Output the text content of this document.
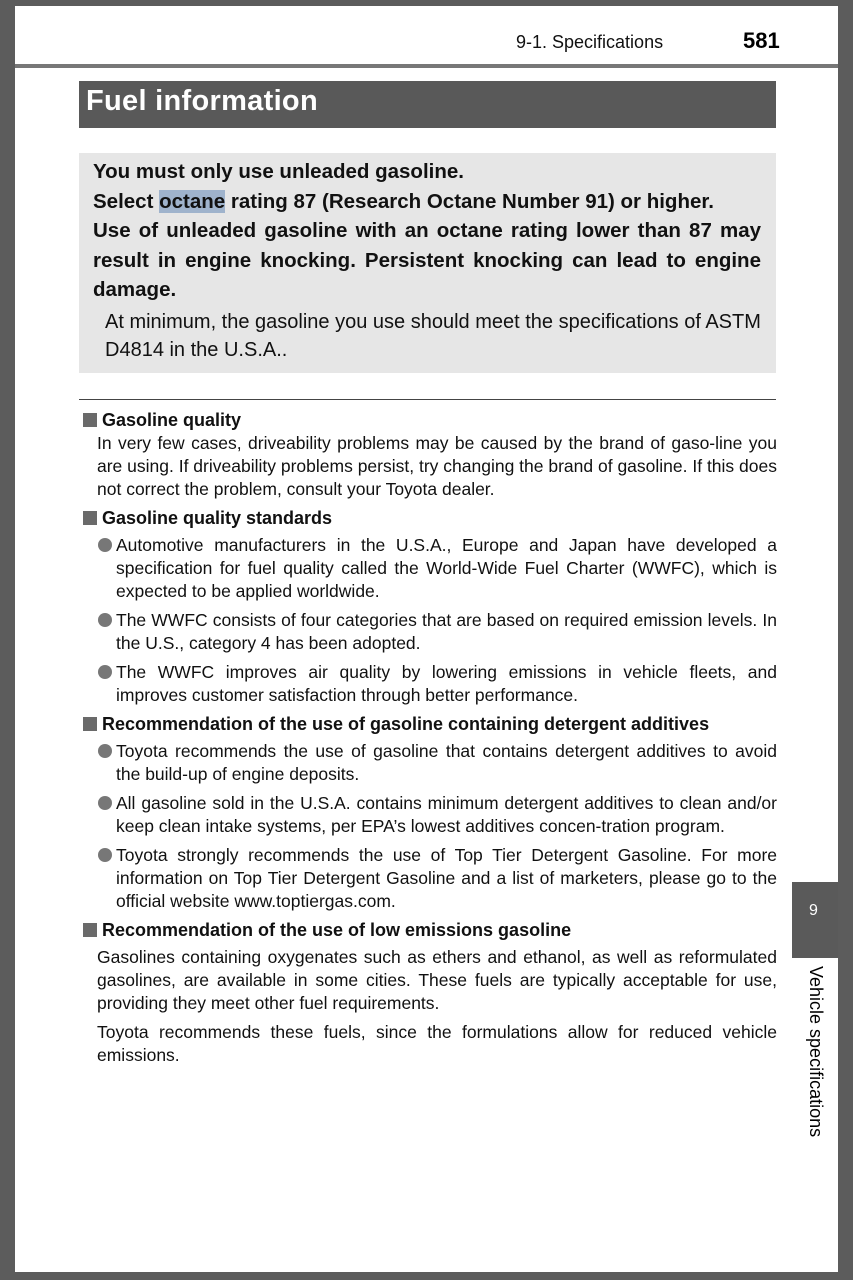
9-1. Specifications	581
Fuel information
You must only use unleaded gasoline.
Select octane rating 87 (Research Octane Number 91) or higher.
Use of unleaded gasoline with an octane rating lower than 87 may result in engine knocking. Persistent knocking can lead to engine damage.
At minimum, the gasoline you use should meet the specifications of ASTM D4814 in the U.S.A..
Gasoline quality
In very few cases, driveability problems may be caused by the brand of gaso-line you are using. If driveability problems persist, try changing the brand of gasoline. If this does not correct the problem, consult your Toyota dealer.
Gasoline quality standards
Automotive manufacturers in the U.S.A., Europe and Japan have developed a specification for fuel quality called the World-Wide Fuel Charter (WWFC), which is expected to be applied worldwide.
The WWFC consists of four categories that are based on required emission levels. In the U.S., category 4 has been adopted.
The WWFC improves air quality by lowering emissions in vehicle fleets, and improves customer satisfaction through better performance.
Recommendation of the use of gasoline containing detergent additives
Toyota recommends the use of gasoline that contains detergent additives to avoid the build-up of engine deposits.
All gasoline sold in the U.S.A. contains minimum detergent additives to clean and/or keep clean intake systems, per EPA’s lowest additives concen-tration program.
Toyota strongly recommends the use of Top Tier Detergent Gasoline. For more information on Top Tier Detergent Gasoline and a list of marketers, please go to the official website www.toptiergas.com.
Recommendation of the use of low emissions gasoline
Gasolines containing oxygenates such as ethers and ethanol, as well as reformulated gasolines, are available in some cities. These fuels are typically acceptable for use, providing they meet other fuel requirements.
Toyota recommends these fuels, since the formulations allow for reduced vehicle emissions.
9
Vehicle specifications
